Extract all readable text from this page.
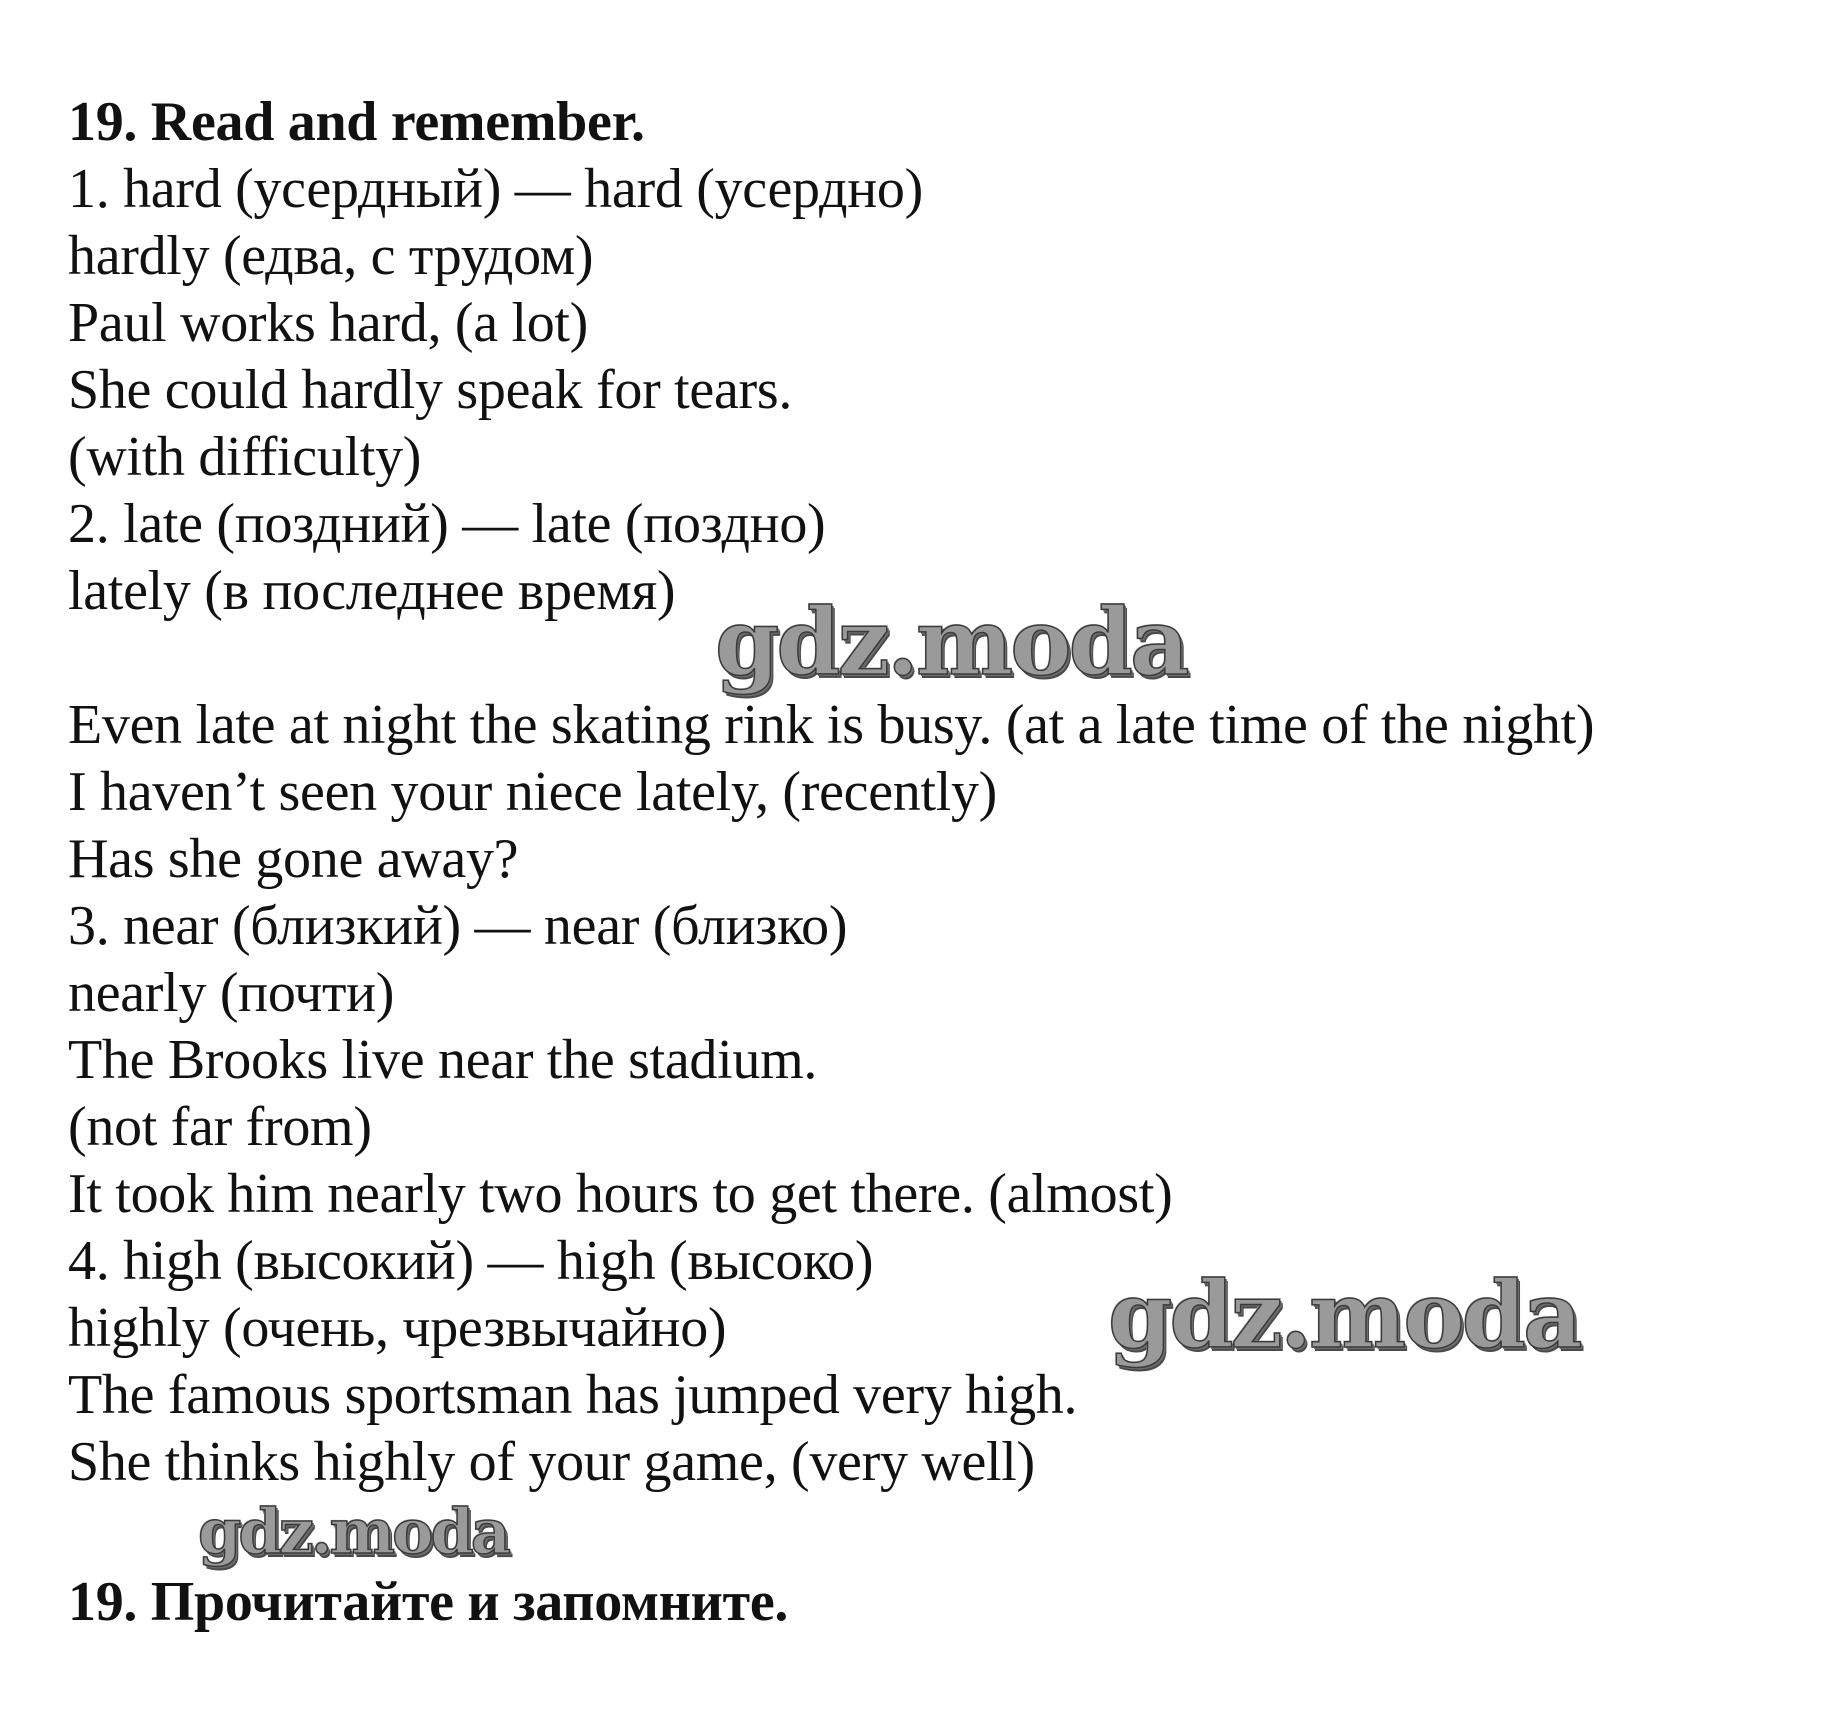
19. Read and remember.
1. hard (усердный) — hard (усердно)
hardly (едва, с трудом)
Paul works hard, (a lot)
She could hardly speak for tears.
(with difficulty)
2. late (поздний) — late (поздно)
lately (в последнее время)
Even late at night the skating rink is busy. (at a late time of the night)
I haven’t seen your niece lately, (recently)
Has she gone away?
3. near (близкий) — near (близко)
nearly (почти)
The Brooks live near the stadium.
(not far from)
It took him nearly two hours to get there. (almost)
4. high (высокий) — high (высоко)
highly (очень, чрезвычайно)
The famous sportsman has jumped very high.
She thinks highly of your game, (very well)
19. Прочитайте и запомните.
gdz.moda
gdz.moda
gdz.moda
